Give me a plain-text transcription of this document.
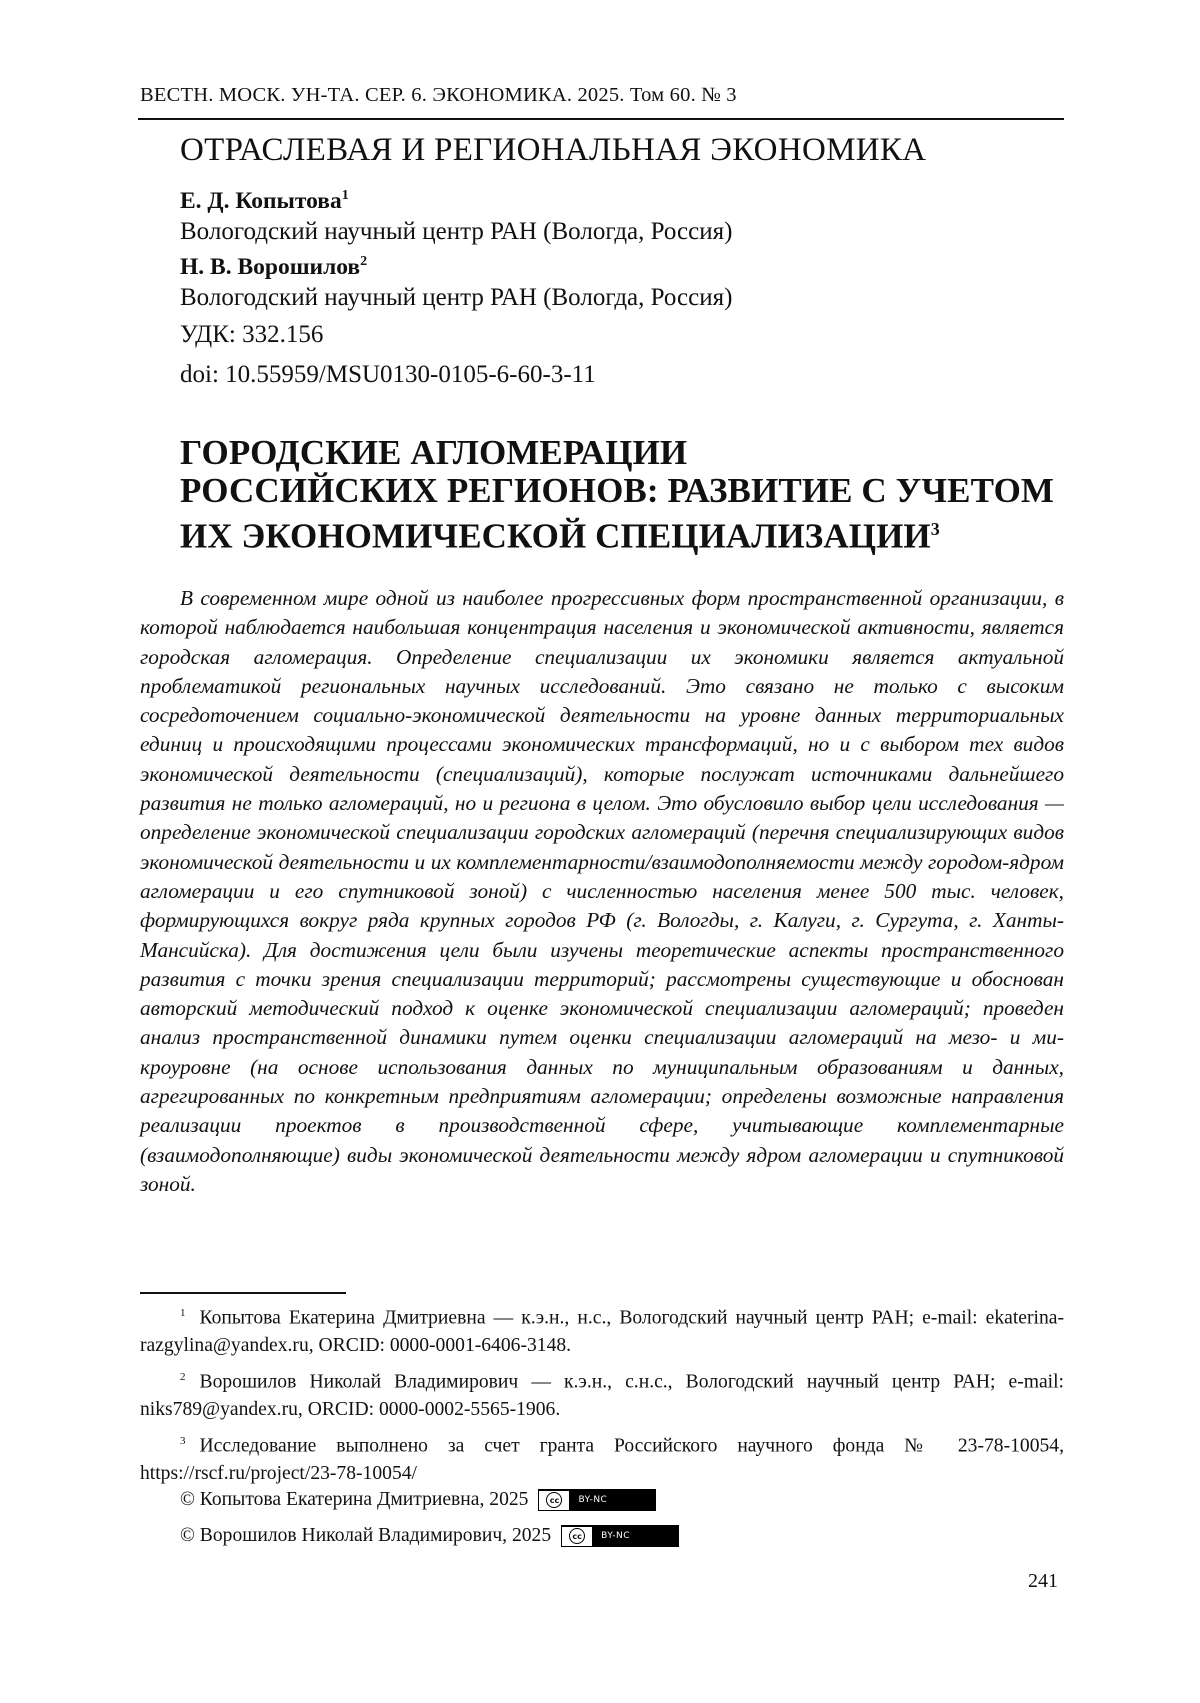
ВЕСТН. МОСК. УН-ТА. СЕР. 6. ЭКОНОМИКА. 2025. Том 60. № 3
ОТРАСЛЕВАЯ И РЕГИОНАЛЬНАЯ ЭКОНОМИКА
Е. Д. Копытова$^1$
Вологодский научный центр РАН (Вологда, Россия)
Н. В. Ворошилов$^2$
Вологодский научный центр РАН (Вологда, Россия)
УДК: 332.156
doi: 10.55959/MSU0130-0105-6-60-3-11
ГОРОДСКИЕ АГЛОМЕРАЦИИ
РОССИЙСКИХ РЕГИОНОВ: РАЗВИТИЕ С УЧЕТОМ
ИХ ЭКОНОМИЧЕСКОЙ СПЕЦИАЛИЗАЦИИ$^3$
В современном мире одной из наиболее прогрессивных форм пространственной организации, в которой наблюдается наибольшая концентрация населения и экономической активности, является городская агломерация. Определение специализации их экономики является актуальной проблематикой региональных научных исследований. Это связано не только с высоким сосредоточением социально-экономической деятельности на уровне данных территориальных единиц и происходящими процессами экономических трансформаций, но и с выбором тех видов экономической деятельности (специализаций), которые послужат источниками дальнейшего развития не только агломераций, но и региона в целом. Это обусловило выбор цели исследования — определение экономической специализации городских агломераций (перечня специализирующих видов экономической деятельности и их комплементарности/взаимодополняемости между городом-ядром агломерации и его спутниковой зоной) с численностью населения менее 500 тыс. человек, формирующихся вокруг ряда крупных городов РФ (г. Вологды, г. Калуги, г. Сургута, г. Ханты-Мансийска). Для достижения цели были изучены теоретические аспекты пространственного развития с точки зрения специализации территорий; рассмотрены существующие и обоснован авторский методический подход к оценке экономической специализации агломераций; проведен анализ пространственной динамики путем оценки специализации агломераций на мезо- и микроуровне (на основе использования данных по муниципальным образованиям и данных, агрегированных по конкретным предприятиям агломерации; определены возможные направления реализации проектов в производственной сфере, учитывающие комплементарные (взаимодополняющие) виды экономической деятельности между ядром агломерации и спутниковой зоной.
$^1$ Копытова Екатерина Дмитриевна — к.э.н., н.с., Вологодский научный центр РАН; e-mail: ekaterina-razgylina@yandex.ru, ORCID: 0000-0001-6406-3148.
$^2$ Ворошилов Николай Владимирович — к.э.н., с.н.с., Вологодский научный центр РАН; e-mail: niks789@yandex.ru, ORCID: 0000-0002-5565-1906.
$^3$ Исследование выполнено за счет гранта Российского научного фонда № 23-78-10054, https://rscf.ru/project/23-78-10054/
© Копытова Екатерина Дмитриевна, 2025	cc	BY-NC
© Ворошилов Николай Владимирович, 2025	cc	BY-NC
241
